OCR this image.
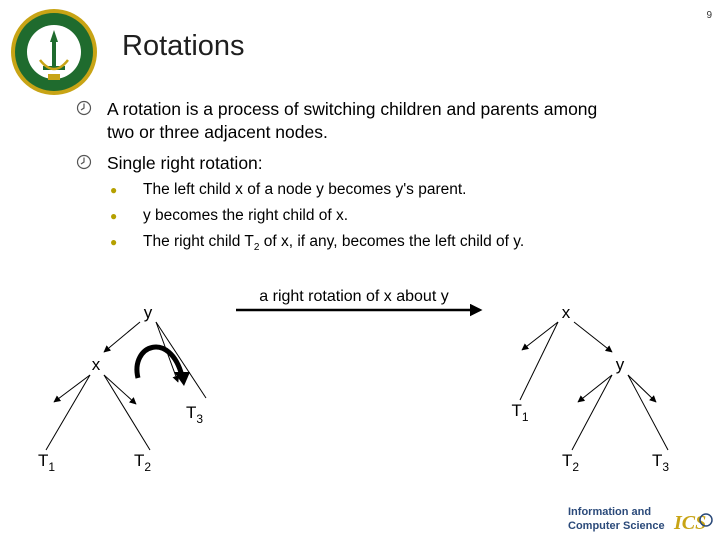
9
Rotations
A rotation is a process of switching children and parents among
two or three adjacent nodes.
Single right rotation:
● The left child x of a node y becomes y's parent.
● y becomes the right child of x.
● The right child $T_2$ of x, if any, becomes the left child of y.
a right rotation of x about y
y
x
$T_3$
$T_1$	$T_2$
x
$T_1$
y
$T_2$	$T_3$
Information and
Computer Science ICS
